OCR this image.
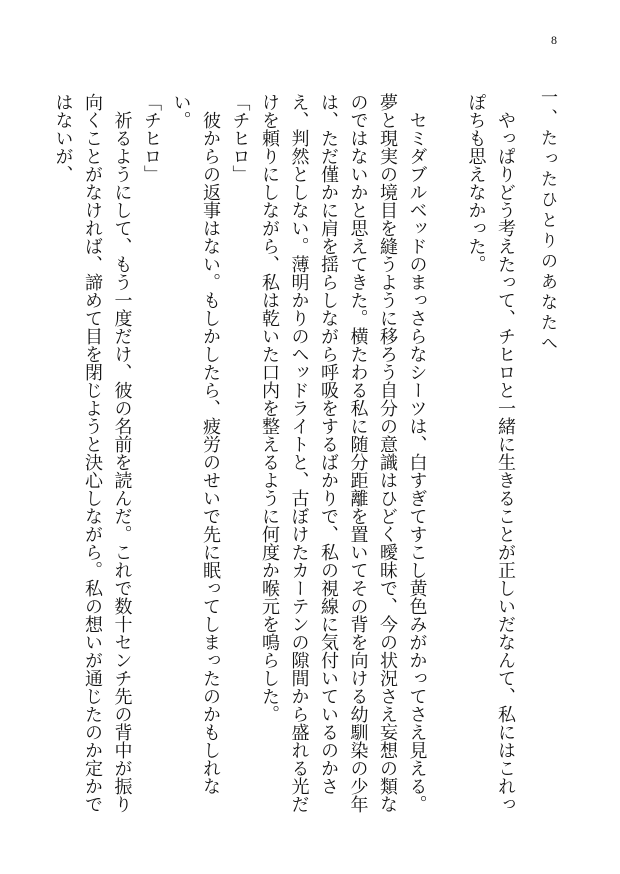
8
一、たったひとりのあなたへ

　やっぱりどう考えたって、チヒロと一緒に生きることが正しいだなんて、私にはこれっぽちも思えなかった。

　セミダブルベッドのまっさらなシーツは、白すぎてすこし黄色みがかってさえ見える。夢と現実の境目を縫うように移ろう自分の意識はひどく曖昧で、今の状況さえ妄想の類なのではないかと思えてきた。横たわる私に随分距離を置いてその背を向ける幼馴染の少年は、ただ僅かに肩を揺らしながら呼吸をするばかりで、私の視線に気付いているのかさえ、判然としない。薄明かりのヘッドライトと、古ぼけたカーテンの隙間から盛れる光だけを頼りにしながら、私は乾いた口内を整えるように何度か喉元を鳴らした。

「チヒロ」

　彼からの返事はない。もしかしたら、疲労のせいで先に眠ってしまったのかもしれない。

「チヒロ」

　祈るようにして、もう一度だけ、彼の名前を読んだ。これで数十センチ先の背中が振り向くことがなければ、諦めて目を閉じようと決心しながら。私の想いが通じたのか定かではないが、
